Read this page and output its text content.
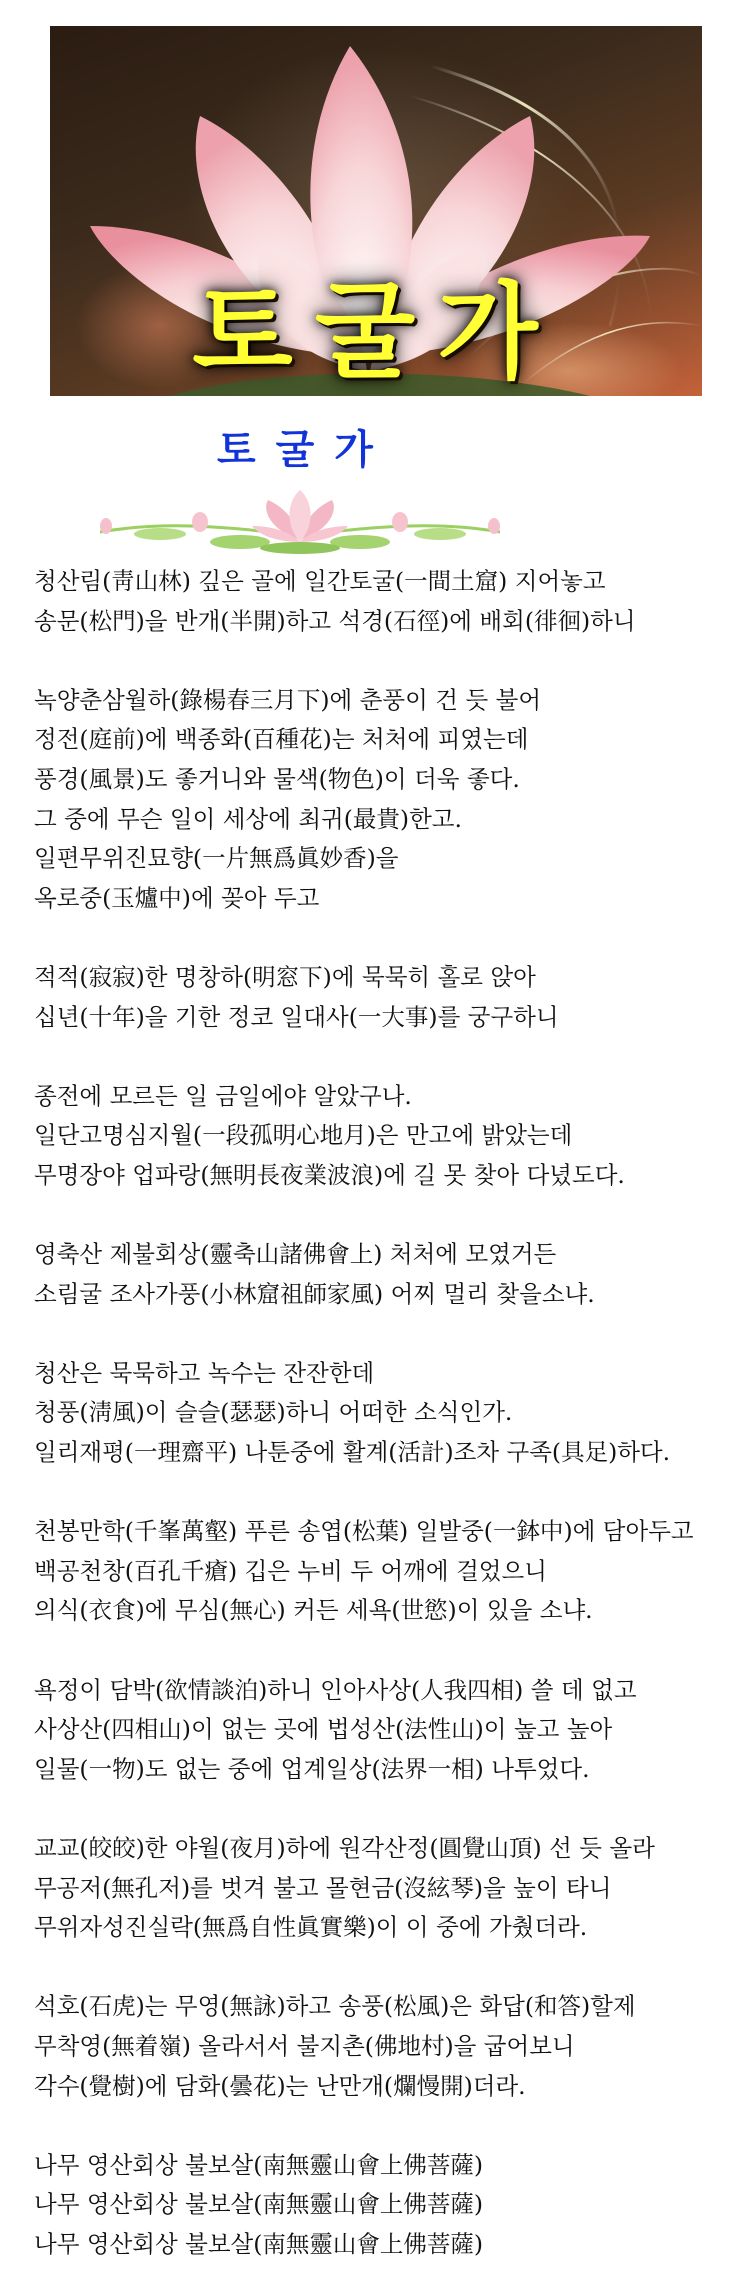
토굴가
토굴가
청산림(靑山林) 깊은 골에 일간토굴(一間土窟) 지어놓고
송문(松門)을 반개(半開)하고 석경(石徑)에 배회(徘徊)하니
녹양춘삼월하(錄楊春三月下)에 춘풍이 건 듯 불어
정전(庭前)에 백종화(百種花)는 처처에 피였는데
풍경(風景)도 좋거니와 물색(物色)이 더욱 좋다.
그 중에 무슨 일이 세상에 최귀(最貴)한고.
일편무위진묘향(一片無爲眞妙香)을
옥로중(玉爐中)에 꽂아 두고
적적(寂寂)한 명창하(明窓下)에 묵묵히 홀로 앉아
십년(十年)을 기한 정코 일대사(一大事)를 궁구하니
종전에 모르든 일 금일에야 알았구나.
일단고명심지월(一段孤明心地月)은 만고에 밝았는데
무명장야 업파랑(無明長夜業波浪)에 길 못 찾아 다녔도다.
영축산 제불회상(靈축山諸佛會上) 처처에 모였거든
소림굴 조사가풍(小林窟祖師家風) 어찌 멀리 찾을소냐.
청산은 묵묵하고 녹수는 잔잔한데
청풍(淸風)이 슬슬(瑟瑟)하니 어떠한 소식인가.
일리재평(一理齋平) 나툰중에 활계(活計)조차 구족(具足)하다.
천봉만학(千峯萬壑) 푸른 송엽(松葉) 일발중(一鉢中)에 담아두고
백공천창(百孔千瘡) 깁은 누비 두 어깨에 걸었으니
의식(衣食)에 무심(無心) 커든 세욕(世慾)이 있을 소냐.
욕정이 담박(欲情談泊)하니 인아사상(人我四相) 쓸 데 없고
사상산(四相山)이 없는 곳에 법성산(法性山)이 높고 높아
일물(一物)도 없는 중에 업계일상(法界一相) 나투었다.
교교(皎皎)한 야월(夜月)하에 원각산정(圓覺山頂) 선 듯 올라
무공저(無孔저)를 벗겨 불고 몰현금(沒絃琴)을 높이 타니
무위자성진실락(無爲自性眞實樂)이 이 중에 가췄더라.
석호(石虎)는 무영(無詠)하고 송풍(松風)은 화답(和答)할제
무착영(無着嶺) 올라서서 불지촌(佛地村)을 굽어보니
각수(覺樹)에 담화(曇花)는 난만개(爛慢開)더라.
나무 영산회상 불보살(南無靈山會上佛菩薩)
나무 영산회상 불보살(南無靈山會上佛菩薩)
나무 영산회상 불보살(南無靈山會上佛菩薩)
